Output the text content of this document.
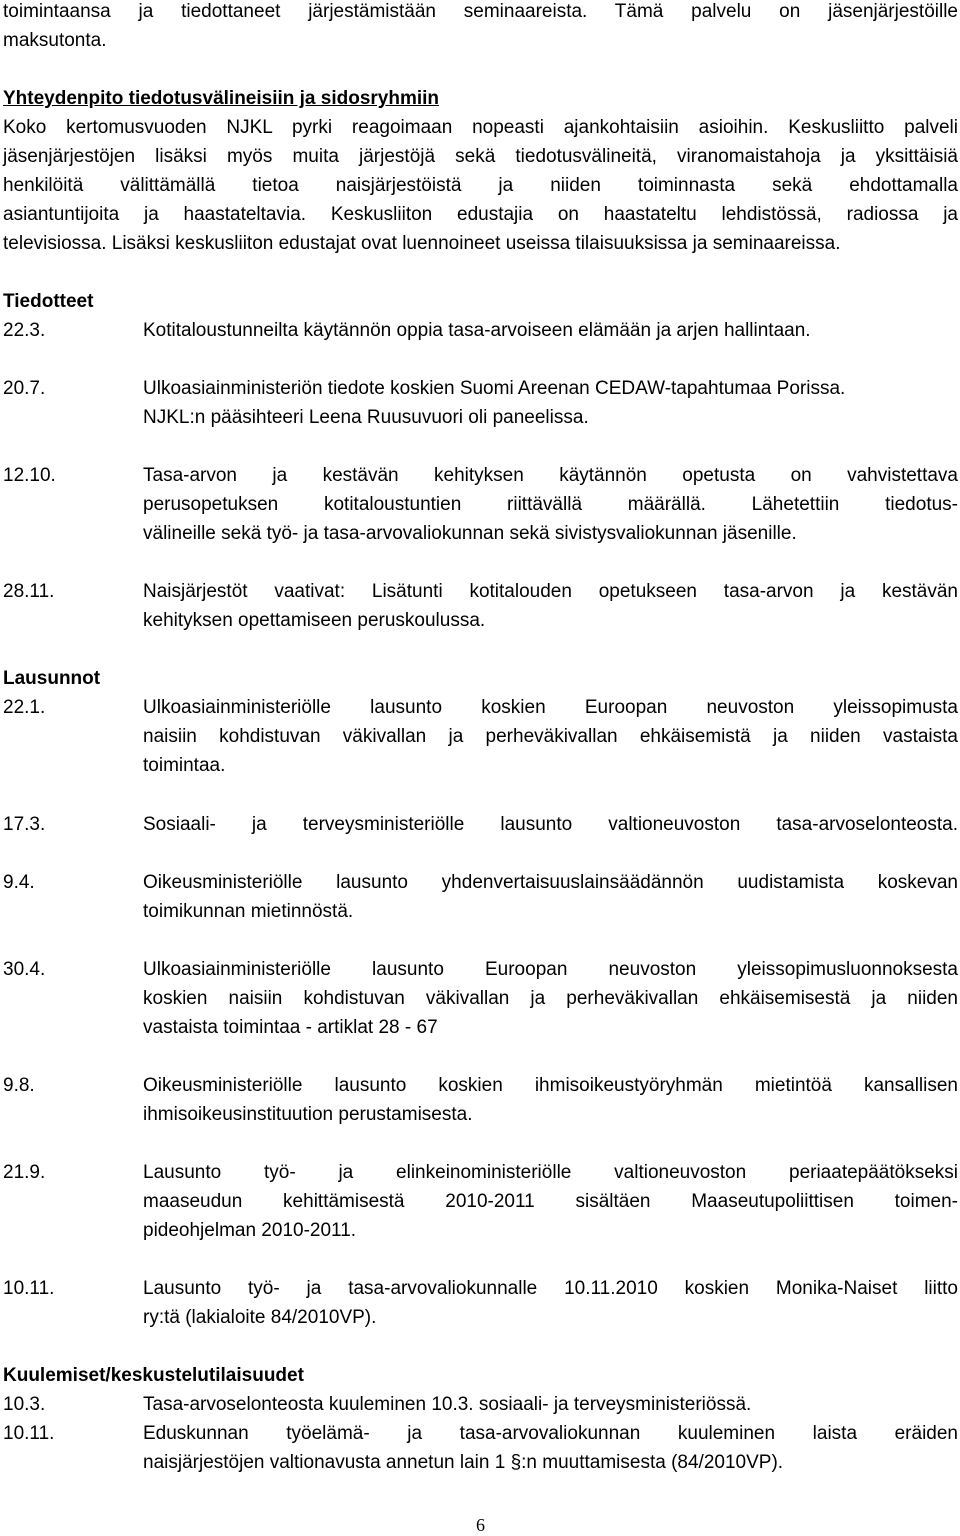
toimintaansa ja tiedottaneet järjestämistään seminaareista. Tämä palvelu on jäsenjärjestöille
maksutonta.
Yhteydenpito tiedotusvälineisiin ja sidosryhmiin
Koko kertomusvuoden NJKL pyrki reagoimaan nopeasti ajankohtaisiin asioihin. Keskusliitto palveli
jäsenjärjestöjen lisäksi myös muita järjestöjä sekä tiedotusvälineitä, viranomaistahoja ja yksittäisiä
henkilöitä välittämällä tietoa naisjärjestöistä ja niiden toiminnasta sekä ehdottamalla
asiantuntijoita ja haastateltavia. Keskusliiton edustajia on haastateltu lehdistössä, radiossa ja
televisiossa. Lisäksi keskusliiton edustajat ovat luennoineet useissa tilaisuuksissa ja seminaareissa.
Tiedotteet
22.3.	Kotitaloustunneilta käytännön oppia tasa-arvoiseen elämään ja arjen hallintaan.
20.7.	Ulkoasiainministeriön tiedote koskien Suomi Areenan CEDAW-tapahtumaa Porissa.
NJKL:n pääsihteeri Leena Ruusuvuori oli paneelissa.
12.10.	Tasa-arvon ja kestävän kehityksen käytännön opetusta on vahvistettava
perusopetuksen kotitaloustuntien riittävällä määrällä. Lähetettiin tiedotus-
välineille sekä työ- ja tasa-arvovaliokunnan sekä sivistysvaliokunnan jäsenille.
28.11.	Naisjärjestöt vaativat: Lisätunti kotitalouden opetukseen tasa-arvon ja kestävän
kehityksen opettamiseen peruskoulussa.
Lausunnot
22.1.	Ulkoasiainministeriölle lausunto koskien Euroopan neuvoston yleissopimusta
naisiin kohdistuvan väkivallan ja perheväkivallan ehkäisemistä ja niiden vastaista
toimintaa.
17.3.	Sosiaali- ja terveysministeriölle lausunto valtioneuvoston tasa-arvoselonteosta.
9.4.	Oikeusministeriölle lausunto yhdenvertaisuuslainsäädännön uudistamista koskevan
toimikunnan mietinnöstä.
30.4.	Ulkoasiainministeriölle lausunto Euroopan neuvoston yleissopimusluonnoksesta
koskien naisiin kohdistuvan väkivallan ja perheväkivallan ehkäisemisestä ja niiden
vastaista toimintaa - artiklat 28 - 67
9.8.	Oikeusministeriölle lausunto koskien ihmisoikeustyöryhmän mietintöä kansallisen
ihmisoikeusinstituution perustamisesta.
21.9.	Lausunto työ- ja elinkeinoministeriölle valtioneuvoston periaatepäätökseksi
maaseudun kehittämisestä 2010-2011 sisältäen Maaseutupoliittisen toimen-
pideohjelman 2010-2011.
10.11.	Lausunto työ- ja tasa-arvovaliokunnalle 10.11.2010 koskien Monika-Naiset liitto
ry:tä (lakialoite 84/2010VP).
Kuulemiset/keskustelutilaisuudet
10.3.	Tasa-arvoselonteosta kuuleminen 10.3. sosiaali- ja terveysministeriössä.
10.11.	Eduskunnan työelämä- ja tasa-arvovaliokunnan kuuleminen laista eräiden
naisjärjestöjen valtionavusta annetun lain 1 §:n muuttamisesta (84/2010VP).
6
